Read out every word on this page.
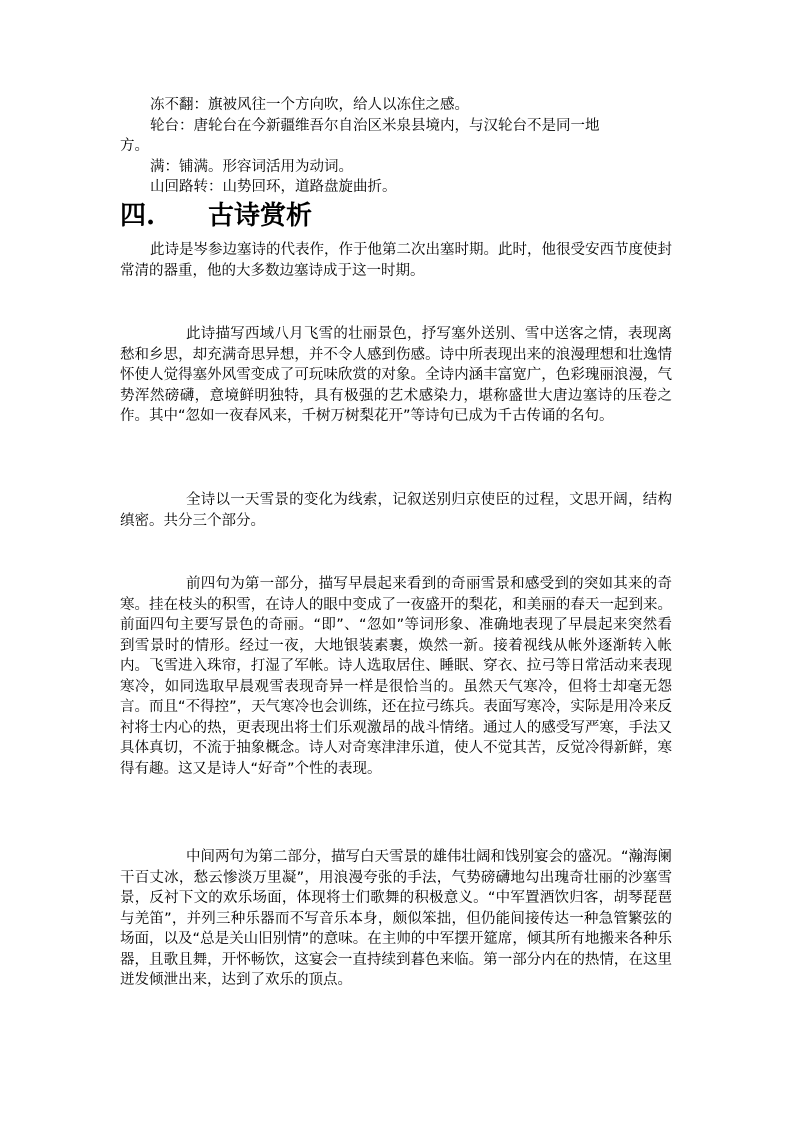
冻不翻：旗被风往一个方向吹，给人以冻住之感。

轮台：唐轮台在今新疆维吾尔自治区米泉县境内，与汉轮台不是同一地

方。

满：铺满。形容词活用为动词。

山回路转：山势回环，道路盘旋曲折。

四. 古诗赏析

此诗是岑参边塞诗的代表作，作于他第二次出塞时期。此时，他很受安西节度使封常清的器重，他的大多数边塞诗成于这一时期。

此诗描写西域八月飞雪的壮丽景色，抒写塞外送别、雪中送客之情，表现离愁和乡思，却充满奇思异想，并不令人感到伤感。诗中所表现出来的浪漫理想和壮逸情怀使人觉得塞外风雪变成了可玩味欣赏的对象。全诗内涵丰富宽广，色彩瑰丽浪漫，气势浑然磅礴，意境鲜明独特，具有极强的艺术感染力，堪称盛世大唐边塞诗的压卷之作。其中“忽如一夜春风来，千树万树梨花开”等诗句已成为千古传诵的名句。

全诗以一天雪景的变化为线索，记叙送别归京使臣的过程，文思开阔，结构缜密。共分三个部分。

前四句为第一部分，描写早晨起来看到的奇丽雪景和感受到的突如其来的奇寒。挂在枝头的积雪，在诗人的眼中变成了一夜盛开的梨花，和美丽的春天一起到来。前面四句主要写景色的奇丽。“即”、“忽如”等词形象、准确地表现了早晨起来突然看到雪景时的情形。经过一夜，大地银装素裹，焕然一新。接着视线从帐外逐渐转入帐内。飞雪进入珠帘，打湿了军帐。诗人选取居住、睡眠、穿衣、拉弓等日常活动来表现寒冷，如同选取早晨观雪表现奇异一样是很恰当的。虽然天气寒冷，但将士却毫无怨言。而且“不得控”，天气寒冷也会训练，还在拉弓练兵。表面写寒冷，实际是用冷来反衬将士内心的热，更表现出将士们乐观激昂的战斗情绪。通过人的感受写严寒，手法又具体真切，不流于抽象概念。诗人对奇寒津津乐道，使人不觉其苦，反觉冷得新鲜，寒得有趣。这又是诗人“好奇”个性的表现。

中间两句为第二部分，描写白天雪景的雄伟壮阔和饯别宴会的盛况。“瀚海阑干百丈冰，愁云惨淡万里凝”，用浪漫夸张的手法，气势磅礴地勾出瑰奇壮丽的沙塞雪景，反衬下文的欢乐场面，体现将士们歌舞的积极意义。“中军置酒饮归客，胡琴琵琶与羌笛”，并列三种乐器而不写音乐本身，颇似笨拙，但仍能间接传达一种急管繁弦的场面，以及“总是关山旧别情”的意味。在主帅的中军摆开筵席，倾其所有地搬来各种乐器，且歌且舞，开怀畅饮，这宴会一直持续到暮色来临。第一部分内在的热情，在这里迸发倾泄出来，达到了欢乐的顶点。
